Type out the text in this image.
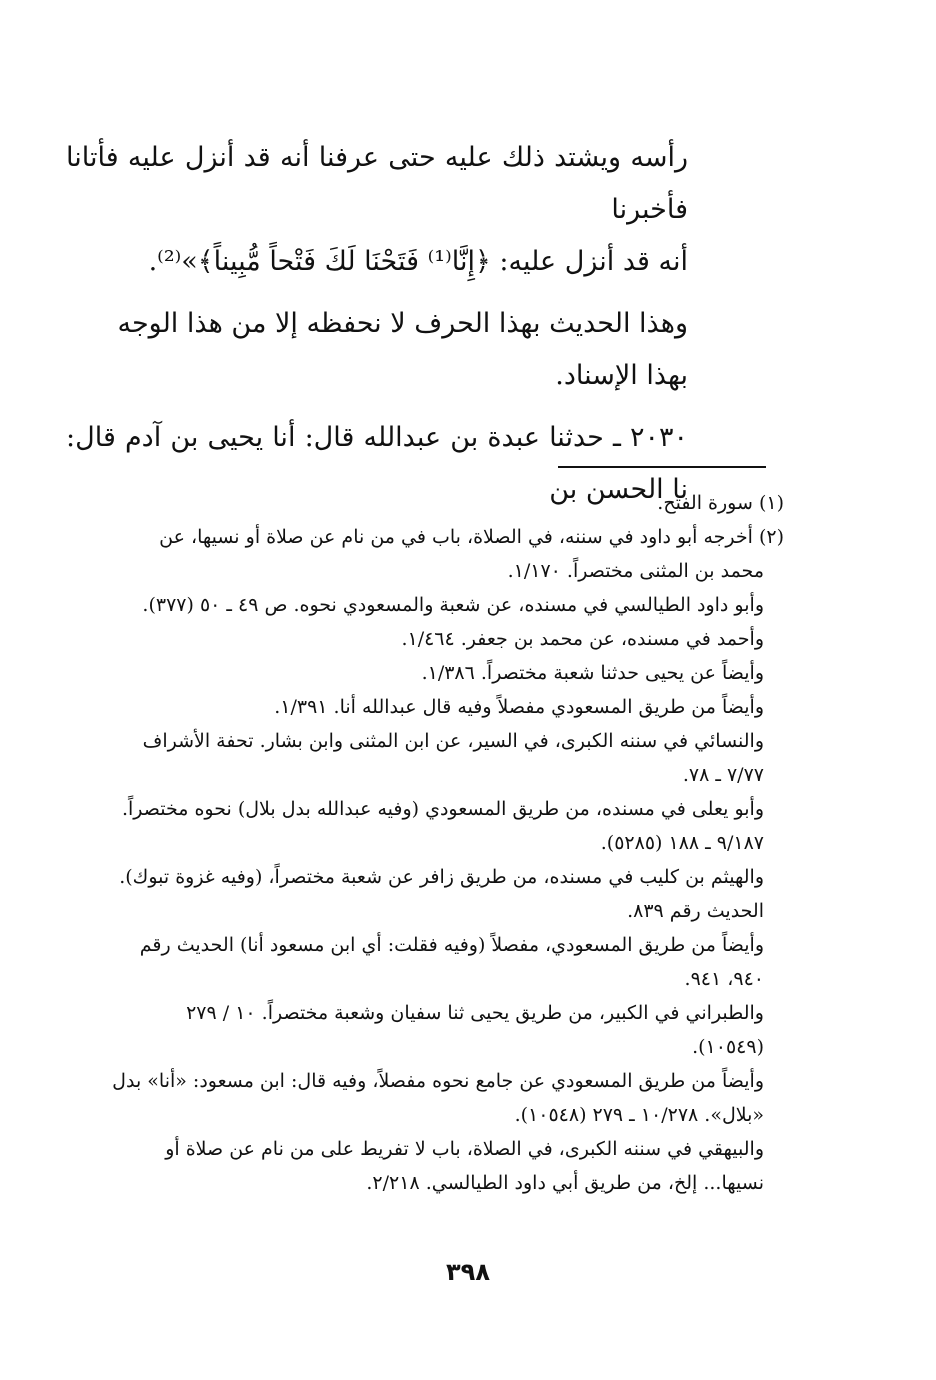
رأسه ويشتد ذلك عليه حتى عرفنا أنه قد أنزل عليه فأتانا فأخبرنا

أنه قد أنزل عليه: ﴿إِنَّا⁽¹⁾ فَتَحْنَا لَكَ فَتْحاً مُّبِيناً﴾»⁽²⁾.

وهذا الحديث بهذا الحرف لا نحفظه إلا من هذا الوجه

بهذا الإسناد.

٢٠٣٠ ـ حدثنا عبدة بن عبدالله قال: أنا يحيى بن آدم قال: نا الحسن بن

(١) سورة الفتح.

(٢) أخرجه أبو داود في سننه، في الصلاة، باب في من نام عن صلاة أو نسيها، عن

محمد بن المثنى مختصراً. ١/١٧٠.

وأبو داود الطيالسي في مسنده، عن شعبة والمسعودي نحوه. ص ٤٩ ـ ٥٠ (٣٧٧).

وأحمد في مسنده، عن محمد بن جعفر. ١/٤٦٤.

وأيضاً عن يحيى حدثنا شعبة مختصراً. ١/٣٨٦.

وأيضاً من طريق المسعودي مفصلاً وفيه قال عبدالله أنا. ١/٣٩١.

والنسائي في سننه الكبرى، في السير، عن ابن المثنى وابن بشار. تحفة الأشراف

٧/٧٧ ـ ٧٨.

وأبو يعلى في مسنده، من طريق المسعودي (وفيه عبدالله بدل بلال) نحوه مختصراً.

٩/١٨٧ ـ ١٨٨ (٥٢٨٥).

والهيثم بن كليب في مسنده، من طريق زافر عن شعبة مختصراً، (وفيه غزوة تبوك).

الحديث رقم ٨٣٩.

وأيضاً من طريق المسعودي، مفصلاً (وفيه فقلت: أي ابن مسعود أنا) الحديث رقم

٩٤٠، ٩٤١.

والطبراني في الكبير، من طريق يحيى ثنا سفيان وشعبة مختصراً. ١٠ / ٢٧٩

(١٠٥٤٩).

وأيضاً من طريق المسعودي عن جامع نحوه مفصلاً، وفيه قال: ابن مسعود: «أنا» بدل

«بلال». ١٠/٢٧٨ ـ ٢٧٩ (١٠٥٤٨).

والبيهقي في سننه الكبرى، في الصلاة، باب لا تفريط على من نام عن صلاة أو

نسيها... إلخ، من طريق أبي داود الطيالسي. ٢/٢١٨.

٣٩٨
